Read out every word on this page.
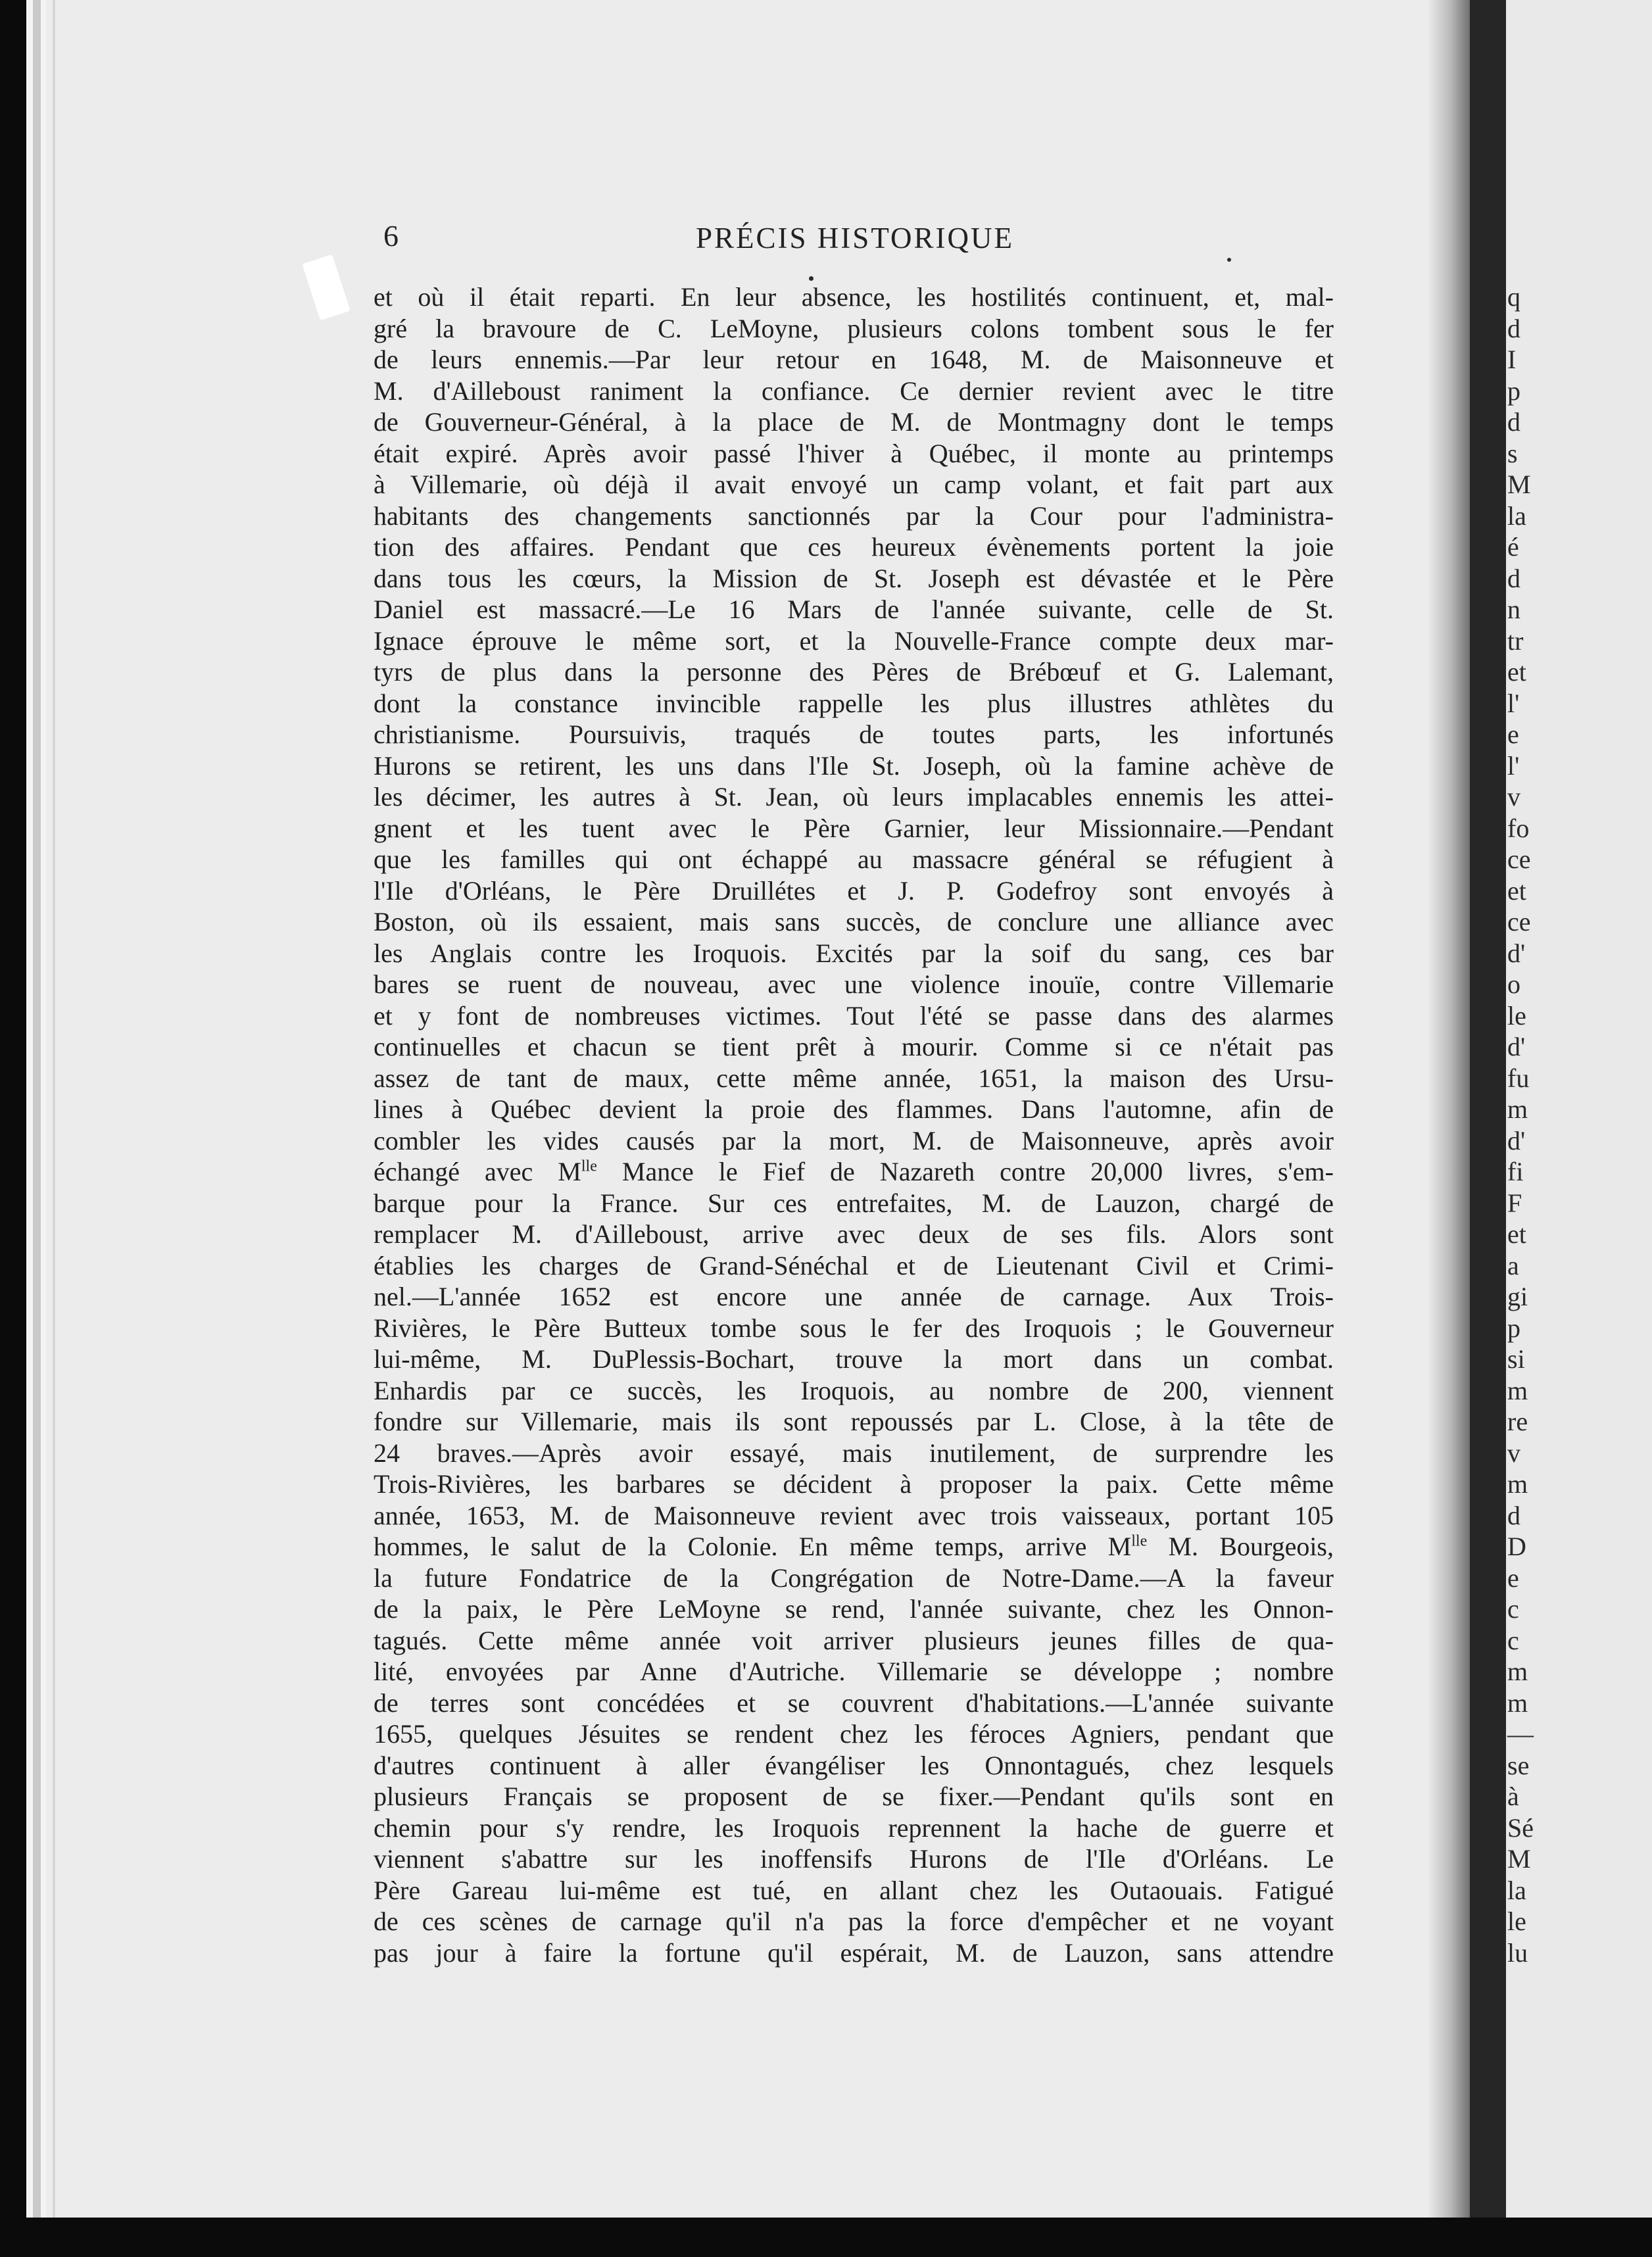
q
d
I
p
d
s
M
la
é
d
n
tr
et
l'
e
l'
v
fo
ce
et
ce
d'
o
le
d'
fu
m
d'
fi
F
et
a
gi
p
si
m
re
v
m
d
D
e
c
c
m
m
—
se
à
Sé
M
la
le
lu
6	PRÉCIS HISTORIQUE
et où il était reparti. En leur absence, les hostilités continuent, et, mal-
gré la bravoure de C. LeMoyne, plusieurs colons tombent sous le fer
de leurs ennemis.—Par leur retour en 1648, M. de Maisonneuve et
M. d'Ailleboust raniment la confiance. Ce dernier revient avec le titre
de Gouverneur-Général, à la place de M. de Montmagny dont le temps
était expiré. Après avoir passé l'hiver à Québec, il monte au printemps
à Villemarie, où déjà il avait envoyé un camp volant, et fait part aux
habitants des changements sanctionnés par la Cour pour l'administra-
tion des affaires. Pendant que ces heureux évènements portent la joie
dans tous les cœurs, la Mission de St. Joseph est dévastée et le Père
Daniel est massacré.—Le 16 Mars de l'année suivante, celle de St.
Ignace éprouve le même sort, et la Nouvelle-France compte deux mar-
tyrs de plus dans la personne des Pères de Brébœuf et G. Lalemant,
dont la constance invincible rappelle les plus illustres athlètes du
christianisme. Poursuivis, traqués de toutes parts, les infortunés
Hurons se retirent, les uns dans l'Ile St. Joseph, où la famine achève de
les décimer, les autres à St. Jean, où leurs implacables ennemis les attei-
gnent et les tuent avec le Père Garnier, leur Missionnaire.—Pendant
que les familles qui ont échappé au massacre général se réfugient à
l'Ile d'Orléans, le Père Druillétes et J. P. Godefroy sont envoyés à
Boston, où ils essaient, mais sans succès, de conclure une alliance avec
les Anglais contre les Iroquois. Excités par la soif du sang, ces bar
bares se ruent de nouveau, avec une violence inouïe, contre Villemarie
et y font de nombreuses victimes. Tout l'été se passe dans des alarmes
continuelles et chacun se tient prêt à mourir. Comme si ce n'était pas
assez de tant de maux, cette même année, 1651, la maison des Ursu-
lines à Québec devient la proie des flammes. Dans l'automne, afin de
combler les vides causés par la mort, M. de Maisonneuve, après avoir
échangé avec $M^{lle}$ Mance le Fief de Nazareth contre 20,000 livres, s'em-
barque pour la France. Sur ces entrefaites, M. de Lauzon, chargé de
remplacer M. d'Ailleboust, arrive avec deux de ses fils. Alors sont
établies les charges de Grand-Sénéchal et de Lieutenant Civil et Crimi-
nel.—L'année 1652 est encore une année de carnage. Aux Trois-
Rivières, le Père Butteux tombe sous le fer des Iroquois ; le Gouverneur
lui-même, M. DuPlessis-Bochart, trouve la mort dans un combat.
Enhardis par ce succès, les Iroquois, au nombre de 200, viennent
fondre sur Villemarie, mais ils sont repoussés par L. Close, à la tête de
24 braves.—Après avoir essayé, mais inutilement, de surprendre les
Trois-Rivières, les barbares se décident à proposer la paix. Cette même
année, 1653, M. de Maisonneuve revient avec trois vaisseaux, portant 105
hommes, le salut de la Colonie. En même temps, arrive $M^{lle}$ M. Bourgeois,
la future Fondatrice de la Congrégation de Notre-Dame.—A la faveur
de la paix, le Père LeMoyne se rend, l'année suivante, chez les Onnon-
tagués. Cette même année voit arriver plusieurs jeunes filles de qua-
lité, envoyées par Anne d'Autriche. Villemarie se développe ; nombre
de terres sont concédées et se couvrent d'habitations.—L'année suivante
1655, quelques Jésuites se rendent chez les féroces Agniers, pendant que
d'autres continuent à aller évangéliser les Onnontagués, chez lesquels
plusieurs Français se proposent de se fixer.—Pendant qu'ils sont en
chemin pour s'y rendre, les Iroquois reprennent la hache de guerre et
viennent s'abattre sur les inoffensifs Hurons de l'Ile d'Orléans. Le
Père Gareau lui-même est tué, en allant chez les Outaouais. Fatigué
de ces scènes de carnage qu'il n'a pas la force d'empêcher et ne voyant
pas jour à faire la fortune qu'il espérait, M. de Lauzon, sans attendre
